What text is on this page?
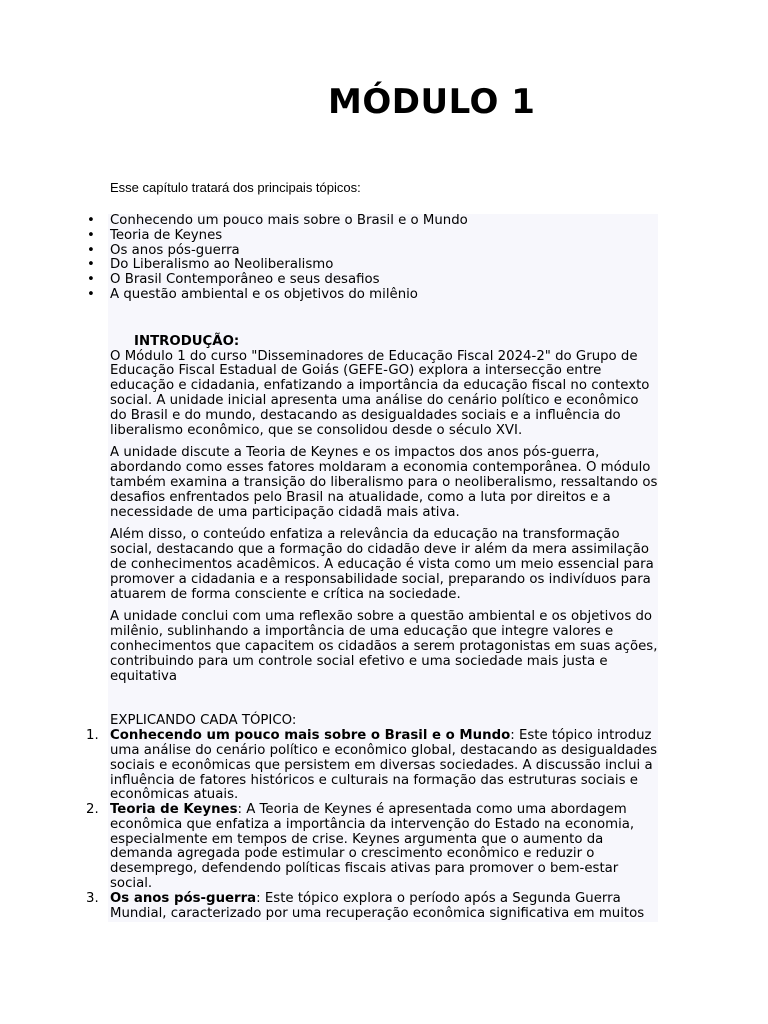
MÓDULO 1
Esse capítulo tratará dos principais tópicos:
• Conhecendo um pouco mais sobre o Brasil e o Mundo
• Teoria de Keynes
• Os anos pós-guerra
• Do Liberalismo ao Neoliberalismo
• O Brasil Contemporâneo e seus desafios
• A questão ambiental e os objetivos do milênio

INTRODUÇÃO:

O Módulo 1 do curso "Disseminadores de Educação Fiscal 2024-2" do Grupo de Educação Fiscal Estadual de Goiás (GEFE-GO) explora a intersecção entre educação e cidadania, enfatizando a importância da educação fiscal no contexto social. A unidade inicial apresenta uma análise do cenário político e econômico do Brasil e do mundo, destacando as desigualdades sociais e a influência do liberalismo econômico, que se consolidou desde o século XVI.

A unidade discute a Teoria de Keynes e os impactos dos anos pós-guerra, abordando como esses fatores moldaram a economia contemporânea. O módulo também examina a transição do liberalismo para o neoliberalismo, ressaltando os desafios enfrentados pelo Brasil na atualidade, como a luta por direitos e a necessidade de uma participação cidadã mais ativa.

Além disso, o conteúdo enfatiza a relevância da educação na transformação social, destacando que a formação do cidadão deve ir além da mera assimilação de conhecimentos acadêmicos. A educação é vista como um meio essencial para promover a cidadania e a responsabilidade social, preparando os indivíduos para atuarem de forma consciente e crítica na sociedade.

A unidade conclui com uma reflexão sobre a questão ambiental e os objetivos do milênio, sublinhando a importância de uma educação que integre valores e conhecimentos que capacitem os cidadãos a serem protagonistas em suas ações, contribuindo para um controle social efetivo e uma sociedade mais justa e equitativa

EXPLICANDO CADA TÓPICO:

1. Conhecendo um pouco mais sobre o Brasil e o Mundo: Este tópico introduz uma análise do cenário político e econômico global, destacando as desigualdades sociais e econômicas que persistem em diversas sociedades. A discussão inclui a influência de fatores históricos e culturais na formação das estruturas sociais e econômicas atuais.
2. Teoria de Keynes: A Teoria de Keynes é apresentada como uma abordagem econômica que enfatiza a importância da intervenção do Estado na economia, especialmente em tempos de crise. Keynes argumenta que o aumento da demanda agregada pode estimular o crescimento econômico e reduzir o desemprego, defendendo políticas fiscais ativas para promover o bem-estar social.
3. Os anos pós-guerra: Este tópico explora o período após a Segunda Guerra Mundial, caracterizado por uma recuperação econômica significativa em muitos
